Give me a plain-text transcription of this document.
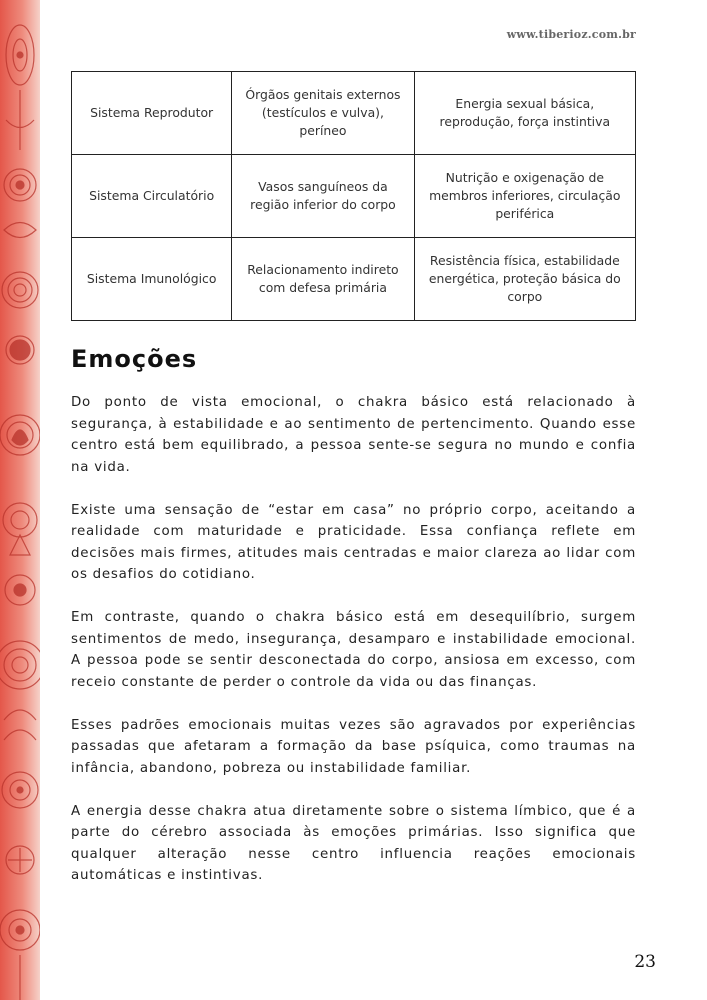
www.tiberioz.com.br
Sistema Reprodutor	Órgãos genitais externos (testículos e vulva), períneo	Energia sexual básica, reprodução, força instintiva
Sistema Circulatório	Vasos sanguíneos da região inferior do corpo	Nutrição e oxigenação de membros inferiores, circulação periférica
Sistema Imunológico	Relacionamento indireto com defesa primária	Resistência física, estabilidade energética, proteção básica do corpo
Emoções

Do ponto de vista emocional, o chakra básico está relacionado à segurança, à estabilidade e ao sentimento de pertencimento. Quando esse centro está bem equilibrado, a pessoa sente-se segura no mundo e confia na vida.

Existe uma sensação de “estar em casa” no próprio corpo, aceitando a realidade com maturidade e praticidade. Essa confiança reflete em decisões mais firmes, atitudes mais centradas e maior clareza ao lidar com os desafios do cotidiano.

Em contraste, quando o chakra básico está em desequilíbrio, surgem sentimentos de medo, insegurança, desamparo e instabilidade emocional. A pessoa pode se sentir desconectada do corpo, ansiosa em excesso, com receio constante de perder o controle da vida ou das finanças.

Esses padrões emocionais muitas vezes são agravados por experiências passadas que afetaram a formação da base psíquica, como traumas na infância, abandono, pobreza ou instabilidade familiar.

A energia desse chakra atua diretamente sobre o sistema límbico, que é a parte do cérebro associada às emoções primárias. Isso significa que qualquer alteração nesse centro influencia reações emocionais automáticas e instintivas.

23
